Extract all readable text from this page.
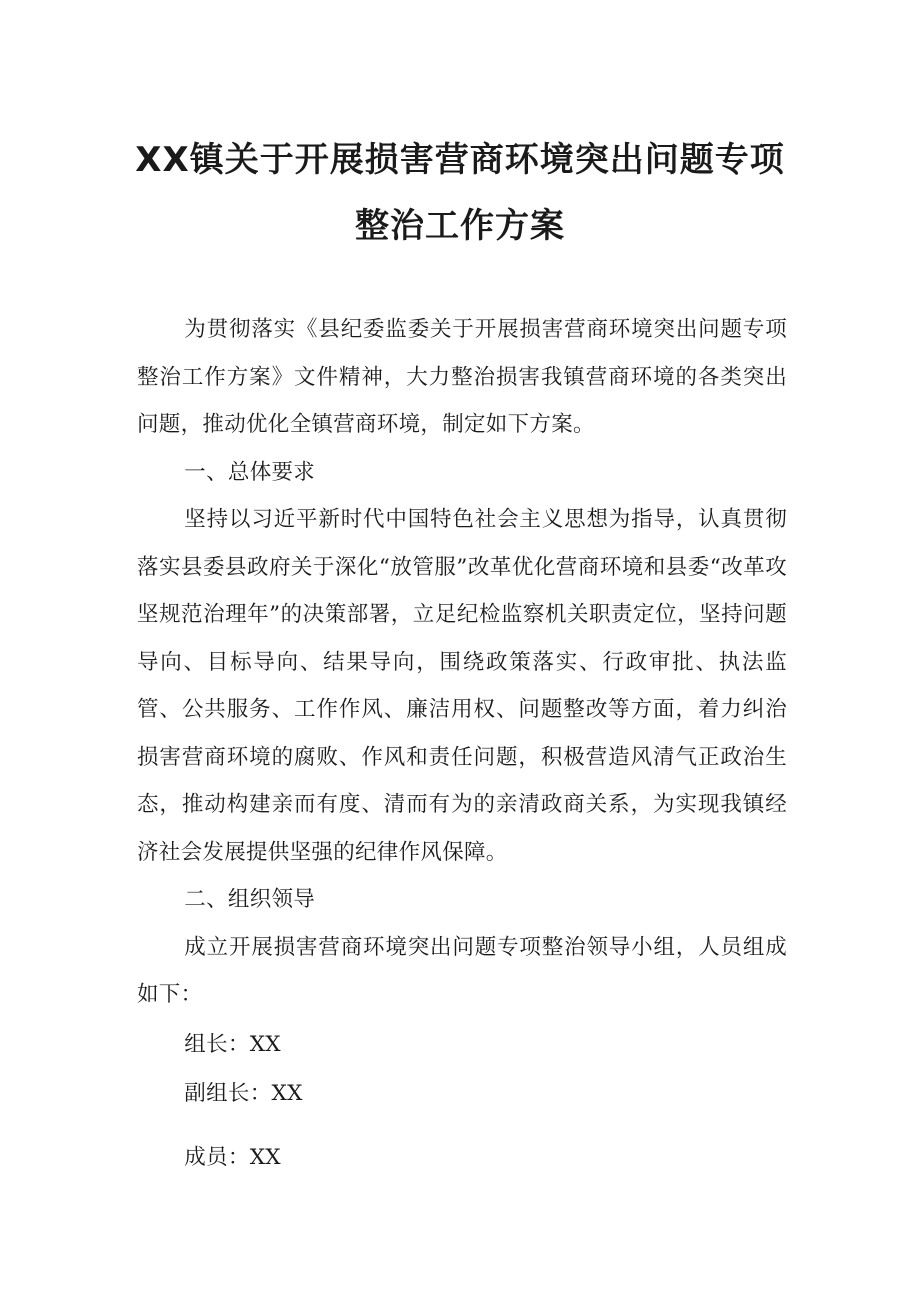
XX镇关于开展损害营商环境突出问题专项
整治工作方案

为贯彻落实《县纪委监委关于开展损害营商环境突出问题专项整治工作方案》文件精神，大力整治损害我镇营商环境的各类突出问题，推动优化全镇营商环境，制定如下方案。

一、总体要求

坚持以习近平新时代中国特色社会主义思想为指导，认真贯彻落实县委县政府关于深化“放管服”改革优化营商环境和县委“改革攻坚规范治理年”的决策部署，立足纪检监察机关职责定位，坚持问题导向、目标导向、结果导向，围绕政策落实、行政审批、执法监管、公共服务、工作作风、廉洁用权、问题整改等方面，着力纠治损害营商环境的腐败、作风和责任问题，积极营造风清气正政治生态，推动构建亲而有度、清而有为的亲清政商关系，为实现我镇经济社会发展提供坚强的纪律作风保障。

二、组织领导

成立开展损害营商环境突出问题专项整治领导小组，人员组成如下：

组长：XX

副组长：XX

成员：XX
